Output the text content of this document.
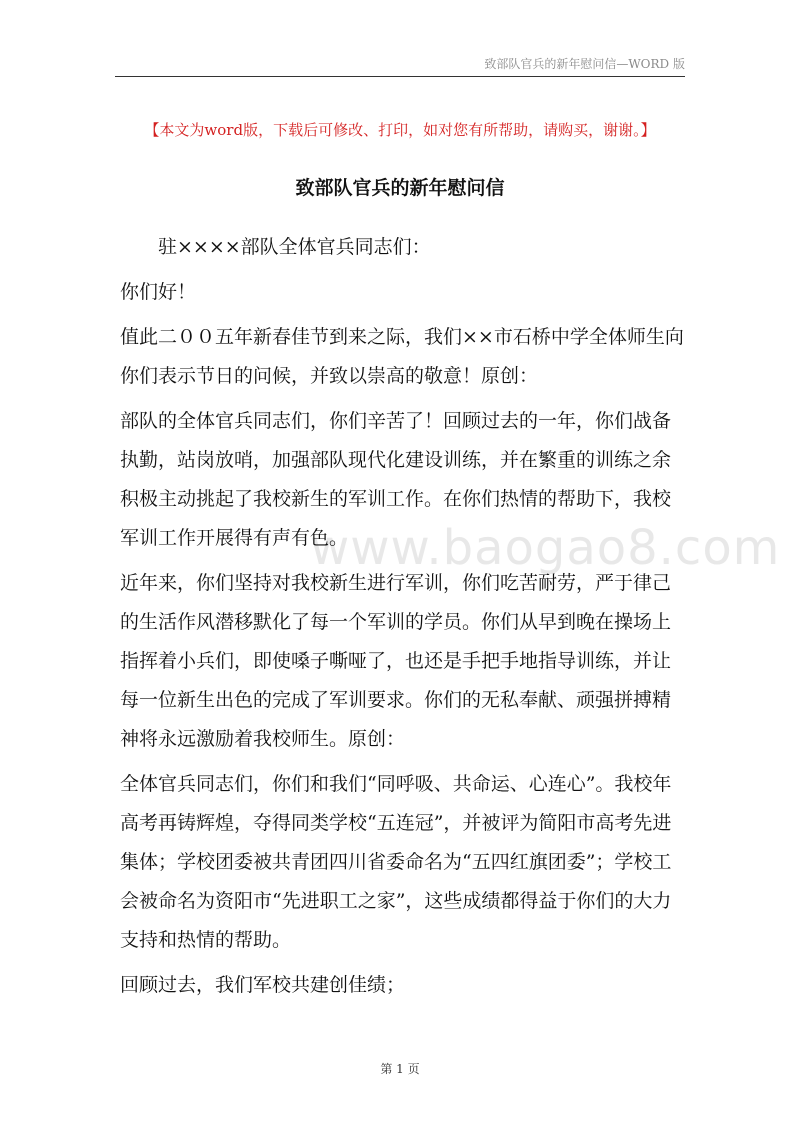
致部队官兵的新年慰问信—WORD 版
【本文为word版，下载后可修改、打印，如对您有所帮助，请购买，谢谢。】
致部队官兵的新年慰问信
www.baogao8.com

驻××××部队全体官兵同志们：

你们好！

值此二００五年新春佳节到来之际，我们××市石桥中学全体师生向你们表示节日的问候，并致以崇高的敬意！原创：

部队的全体官兵同志们，你们辛苦了！回顾过去的一年，你们战备执勤，站岗放哨，加强部队现代化建设训练，并在繁重的训练之余积极主动挑起了我校新生的军训工作。在你们热情的帮助下，我校军训工作开展得有声有色。

近年来，你们坚持对我校新生进行军训，你们吃苦耐劳，严于律己的生活作风潜移默化了每一个军训的学员。你们从早到晚在操场上指挥着小兵们，即使嗓子嘶哑了，也还是手把手地指导训练，并让每一位新生出色的完成了军训要求。你们的无私奉献、顽强拼搏精神将永远激励着我校师生。原创：

全体官兵同志们，你们和我们“同呼吸、共命运、心连心”。我校年高考再铸辉煌，夺得同类学校“五连冠”，并被评为简阳市高考先进集体；学校团委被共青团四川省委命名为“五四红旗团委”；学校工会被命名为资阳市“先进职工之家”，这些成绩都得益于你们的大力支持和热情的帮助。

回顾过去，我们军校共建创佳绩；

第 1 页
